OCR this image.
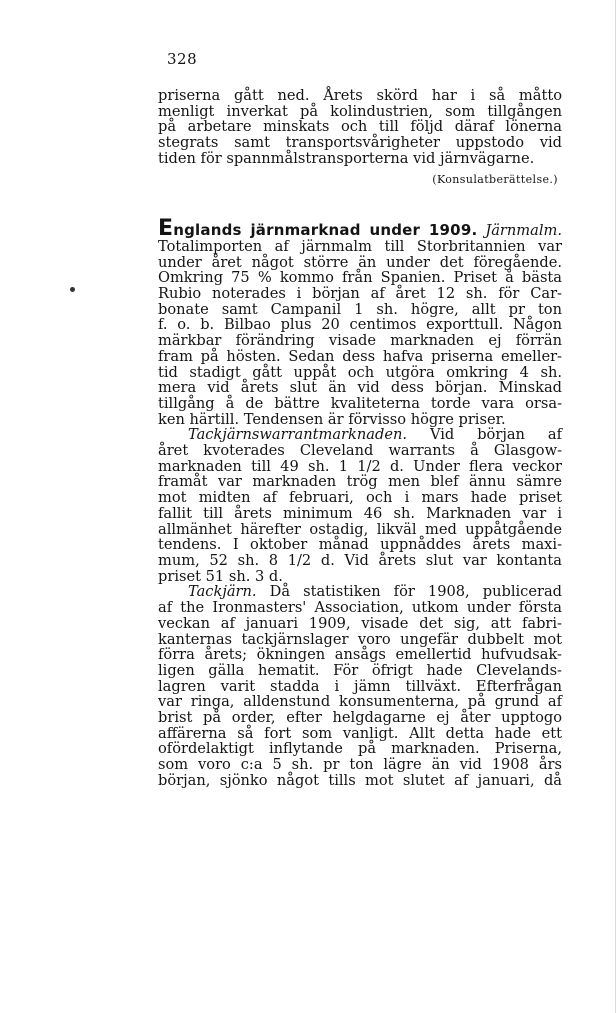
328

priserna gått ned. Årets skörd har i så måtto
menligt inverkat på kolindustrien, som tillgången
på arbetare minskats och till följd däraf lönerna
stegrats samt transportsvårigheter uppstodo vid
tiden för spannmålstransporterna vid järnvägarne.

(Konsulatberättelse.)

Englands järnmarknad under 1909. Järnmalm.
Totalimporten af järnmalm till Storbritannien var
under året något större än under det föregående.
Omkring 75 % kommo från Spanien. Priset å bästa
Rubio noterades i början af året 12 sh. för Car-
bonate samt Campanil 1 sh. högre, allt pr ton
f. o. b. Bilbao plus 20 centimos exporttull. Någon
märkbar förändring visade marknaden ej förrän
fram på hösten. Sedan dess hafva priserna emeller-
tid stadigt gått uppåt och utgöra omkring 4 sh.
mera vid årets slut än vid dess början. Minskad
tillgång å de bättre kvaliteterna torde vara orsa-
ken härtill. Tendensen är förvisso högre priser.

Tackjärnswarrantmarknaden. Vid början af
året kvoterades Cleveland warrants å Glasgow-
marknaden till 49 sh. 1 1/2 d. Under flera veckor
framåt var marknaden trög men blef ännu sämre
mot midten af februari, och i mars hade priset
fallit till årets minimum 46 sh. Marknaden var i
allmänhet härefter ostadig, likväl med uppåtgående
tendens. I oktober månad uppnåddes årets maxi-
mum, 52 sh. 8 1/2 d. Vid årets slut var kontanta
priset 51 sh. 3 d.

Tackjärn. Då statistiken för 1908, publicerad
af the Ironmasters' Association, utkom under första
veckan af januari 1909, visade det sig, att fabri-
kanternas tackjärnslager voro ungefär dubbelt mot
förra årets; ökningen ansågs emellertid hufvudsak-
ligen gälla hematit. För öfrigt hade Clevelands-
lagren varit stadda i jämn tillväxt. Efterfrågan
var ringa, alldenstund konsumenterna, på grund af
brist på order, efter helgdagarne ej åter upptogo
affärerna så fort som vanligt. Allt detta hade ett
ofördelaktigt inflytande på marknaden. Priserna,
som voro c:a 5 sh. pr ton lägre än vid 1908 års
början, sjönko något tills mot slutet af januari, då
